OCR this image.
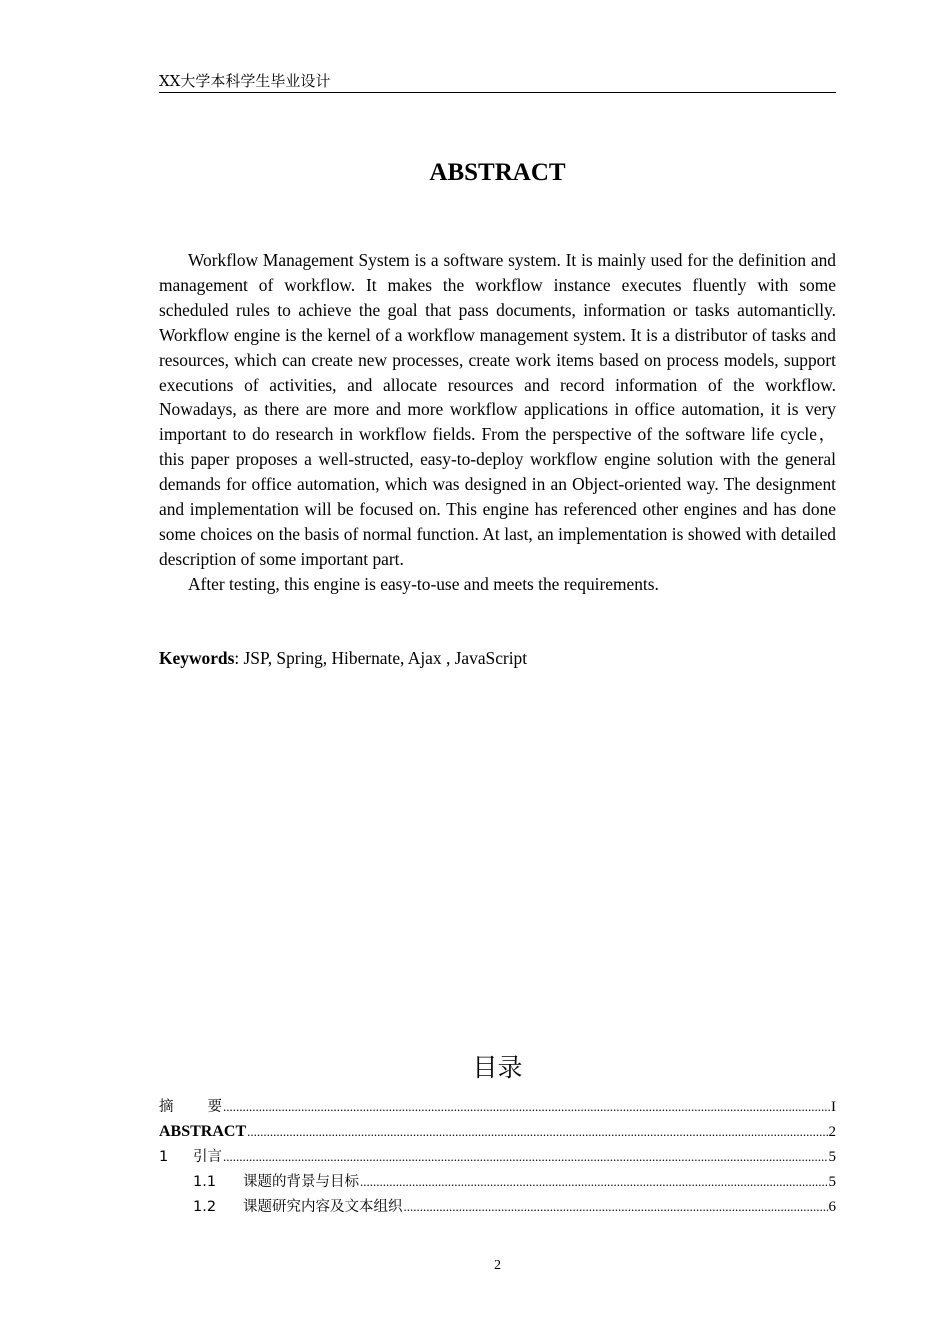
XX大学本科学生毕业设计
ABSTRACT

Workflow Management System is a software system. It is mainly used for the definition and management of workflow. It makes the workflow instance executes fluently with some scheduled rules to achieve the goal that pass documents, information or tasks automanticlly. Workflow engine is the kernel of a workflow management system. It is a distributor of tasks and resources, which can create new processes, create work items based on process models, support executions of activities, and allocate resources and record information of the workflow. Nowadays, as there are more and more workflow applications in office automation, it is very important to do research in workflow fields. From the perspective of the software life cycle，this paper proposes a well-structed, easy-to-deploy workflow engine solution with the general demands for office automation, which was designed in an Object-oriented way. The designment and implementation will be focused on. This engine has referenced other engines and has done some choices on the basis of normal function. At last, an implementation is showed with detailed description of some important part.

After testing, this engine is easy-to-use and meets the requirements.

Keywords: JSP, Spring, Hibernate, Ajax , JavaScript
目录
摘 要 .....	I
ABSTRACT .....	2
1	引言 .....	5
1.1	课题的背景与目标 .....	5
1.2	课题研究内容及文本组织 .....	6
2
